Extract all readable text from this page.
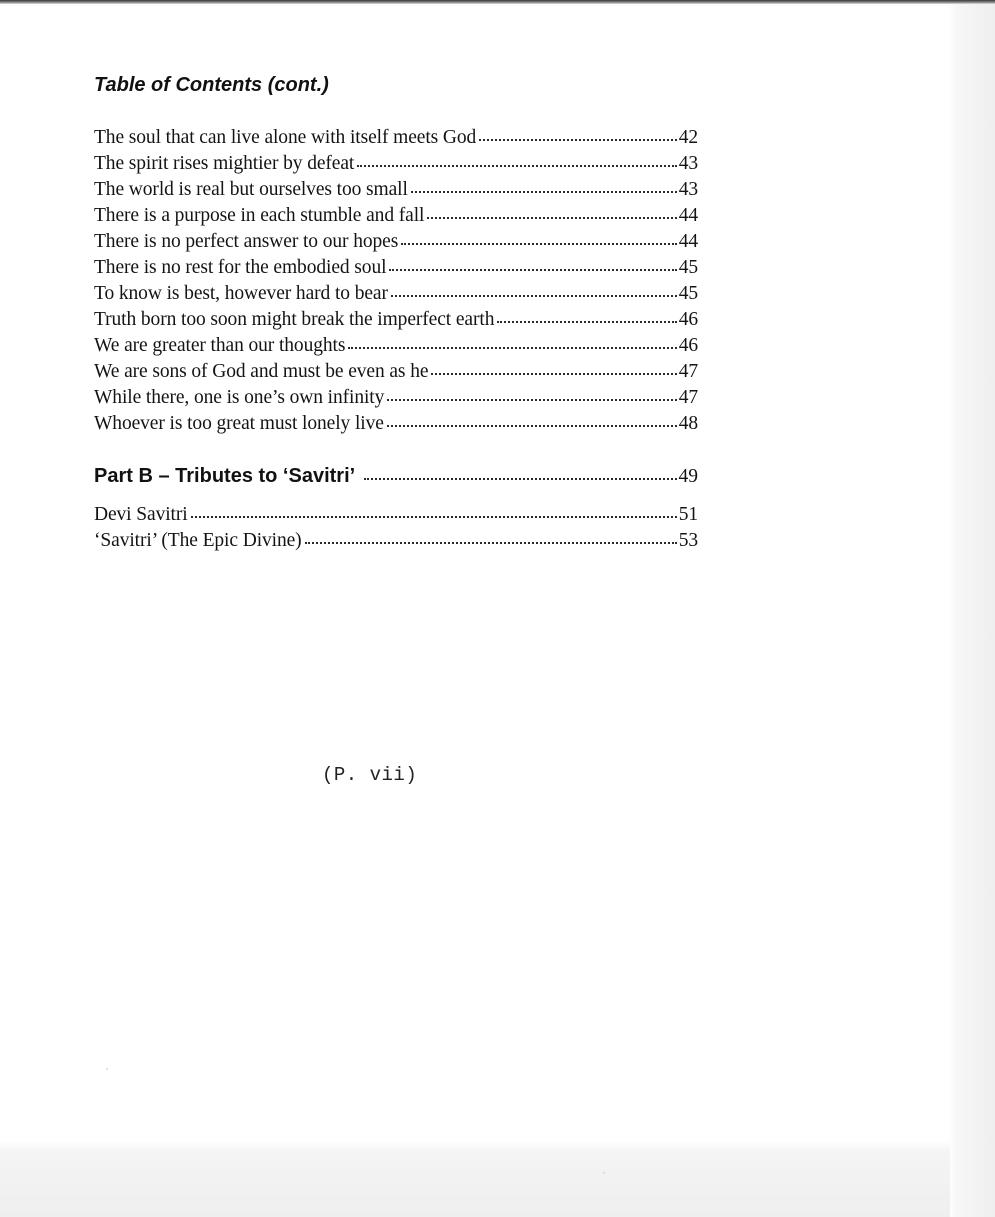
Table of Contents (cont.)
The soul that can live alone with itself meets God	42
The spirit rises mightier by defeat	43
The world is real but ourselves too small	43
There is a purpose in each stumble and fall	44
There is no perfect answer to our hopes	44
There is no rest for the embodied soul	45
To know is best, however hard to bear	45
Truth born too soon might break the imperfect earth	46
We are greater than our thoughts	46
We are sons of God and must be even as he	47
While there, one is one’s own infinity	47
Whoever is too great must lonely live	48
Part B – Tributes to ‘Savitri’	49
Devi Savitri	51
‘Savitri’ (The Epic Divine)	53
(P. vii)
